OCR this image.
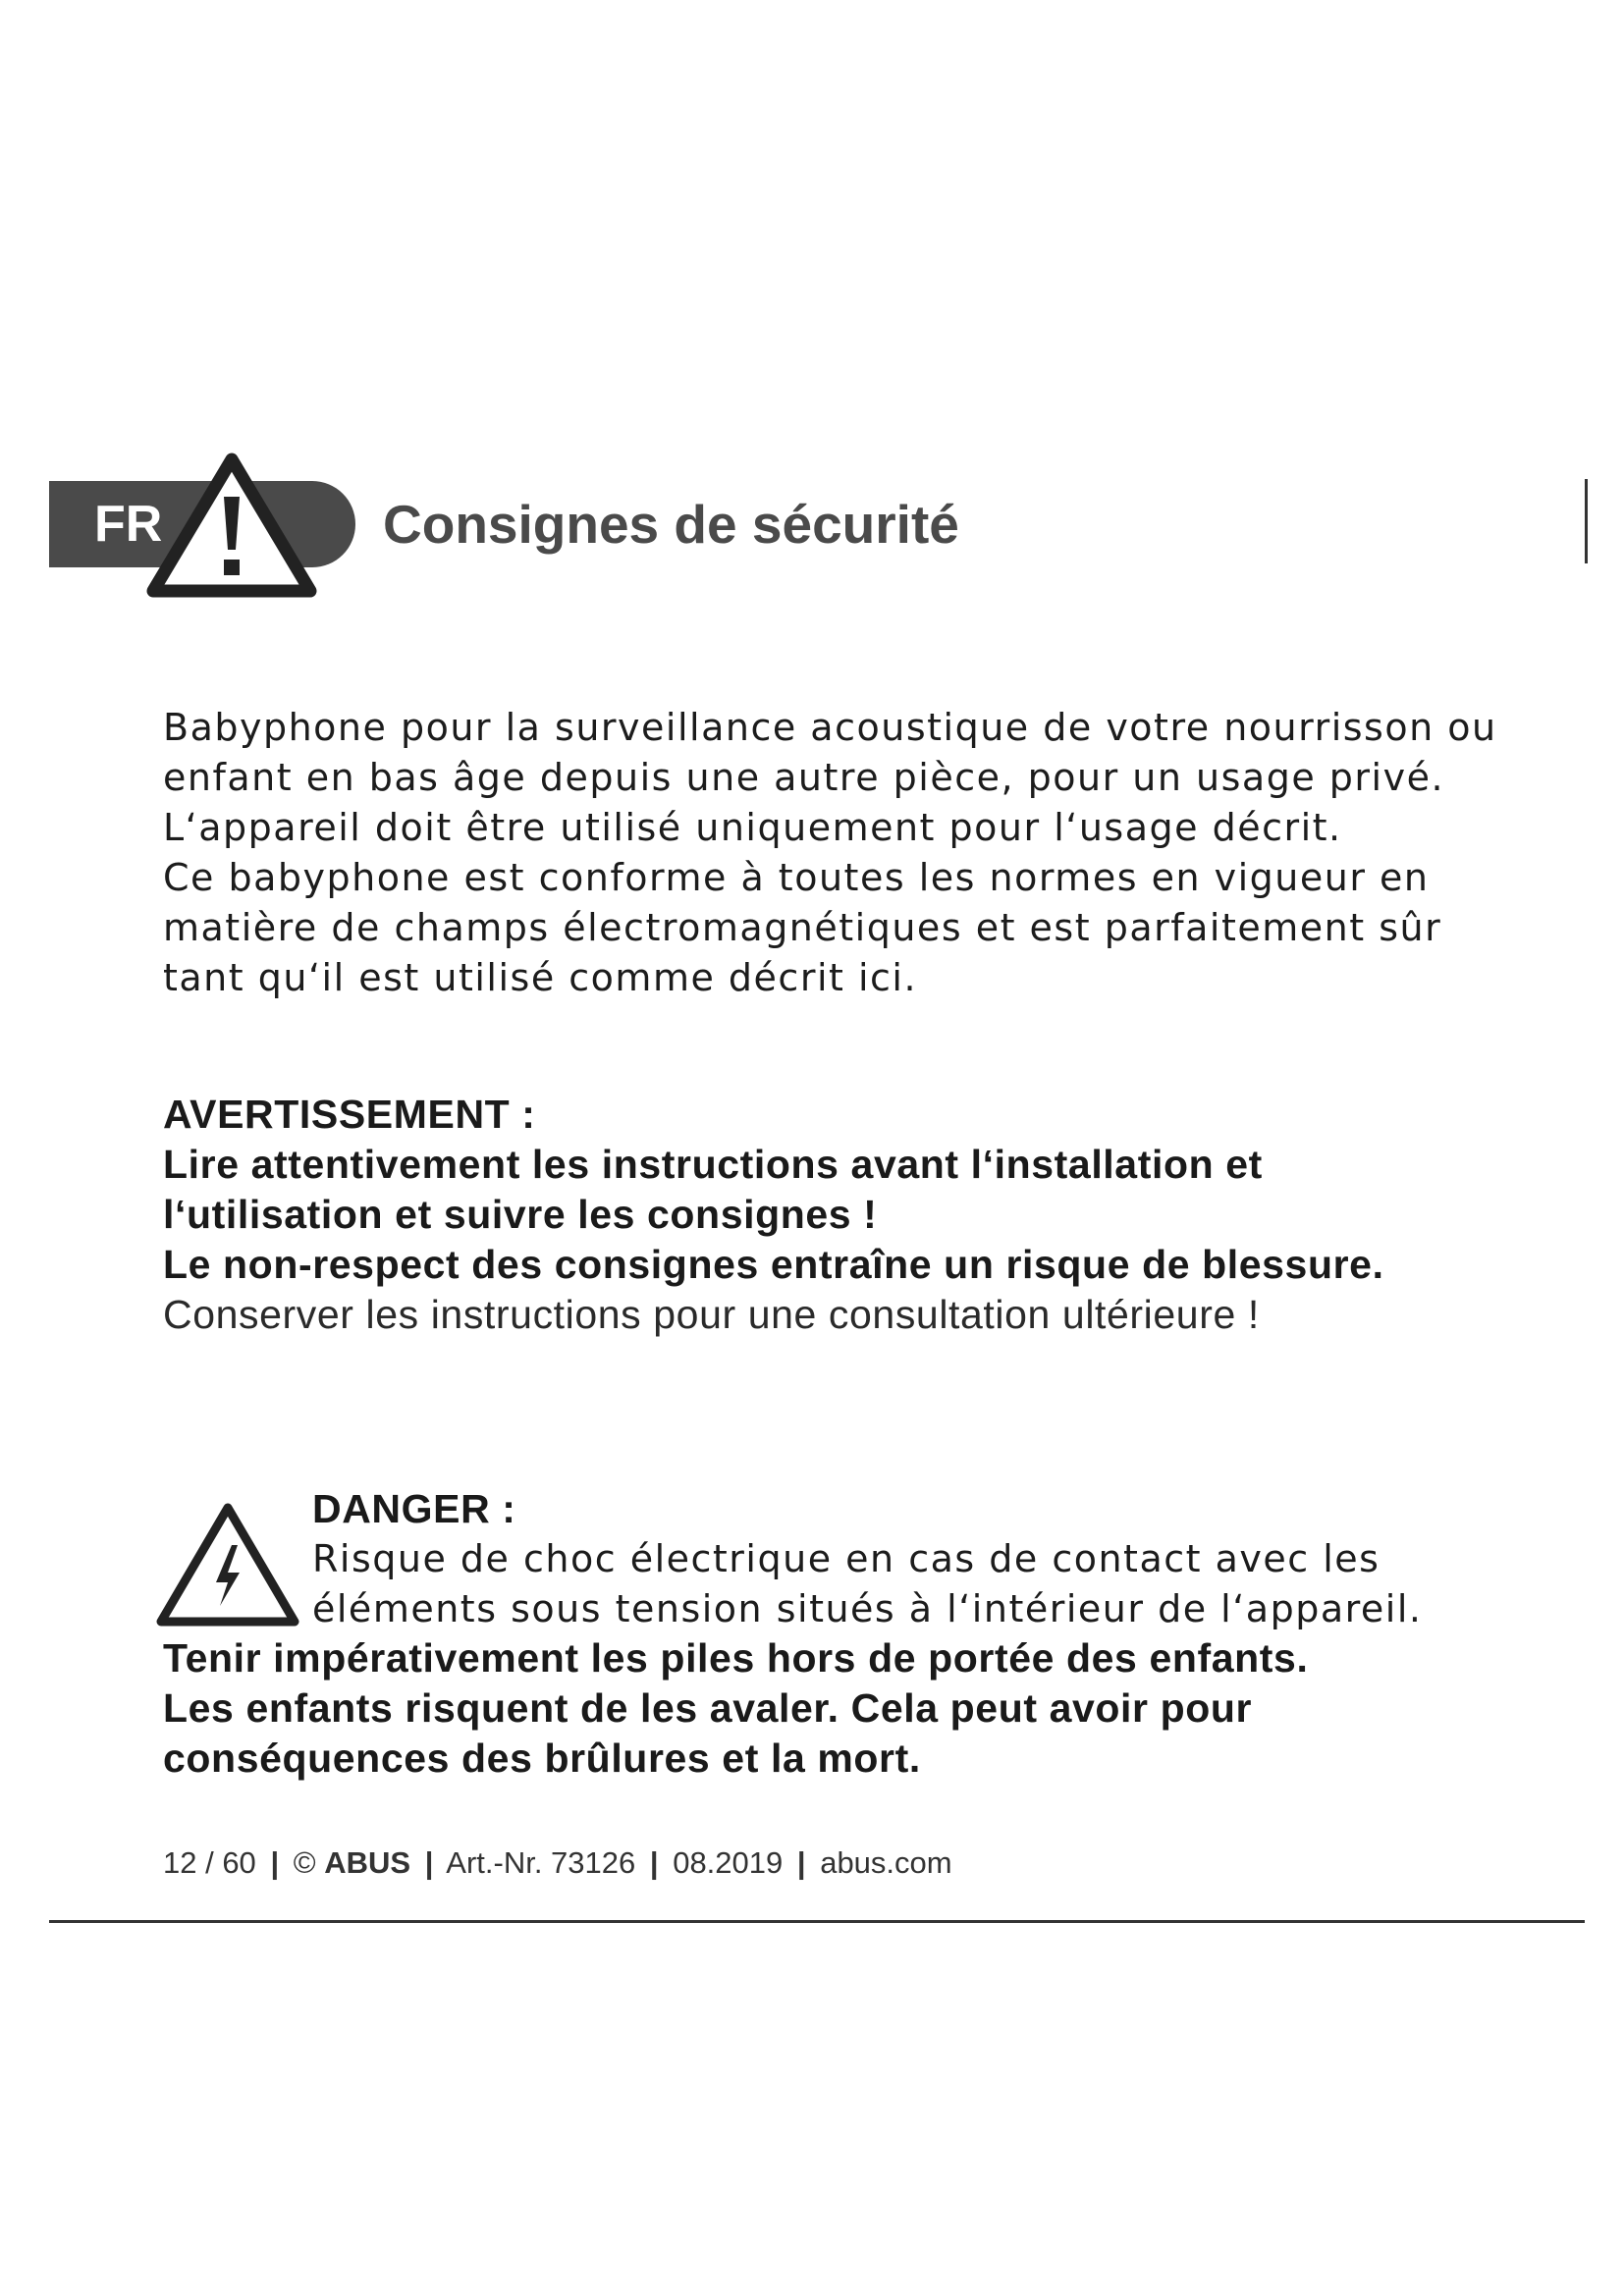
FR	Consignes de sécurité

Babyphone pour la surveillance acoustique de votre nourrisson ou

enfant en bas âge depuis une autre pièce, pour un usage privé.

L‘appareil doit être utilisé uniquement pour l‘usage décrit.

Ce babyphone est conforme à toutes les normes en vigueur en

matière de champs électromagnétiques et est parfaitement sûr

tant qu‘il est utilisé comme décrit ici.

AVERTISSEMENT :

Lire attentivement les instructions avant l‘installation et

l‘utilisation et suivre les consignes !

Le non-respect des consignes entraîne un risque de blessure.

Conserver les instructions pour une consultation ultérieure !

DANGER :

Risque de choc électrique en cas de contact avec les

éléments sous tension situés à l‘intérieur de l‘appareil.

Tenir impérativement les piles hors de portée des enfants.

Les enfants risquent de les avaler. Cela peut avoir pour

conséquences des brûlures et la mort.

12 / 60 | © ABUS | Art.-Nr. 73126 | 08.2019 | abus.com
